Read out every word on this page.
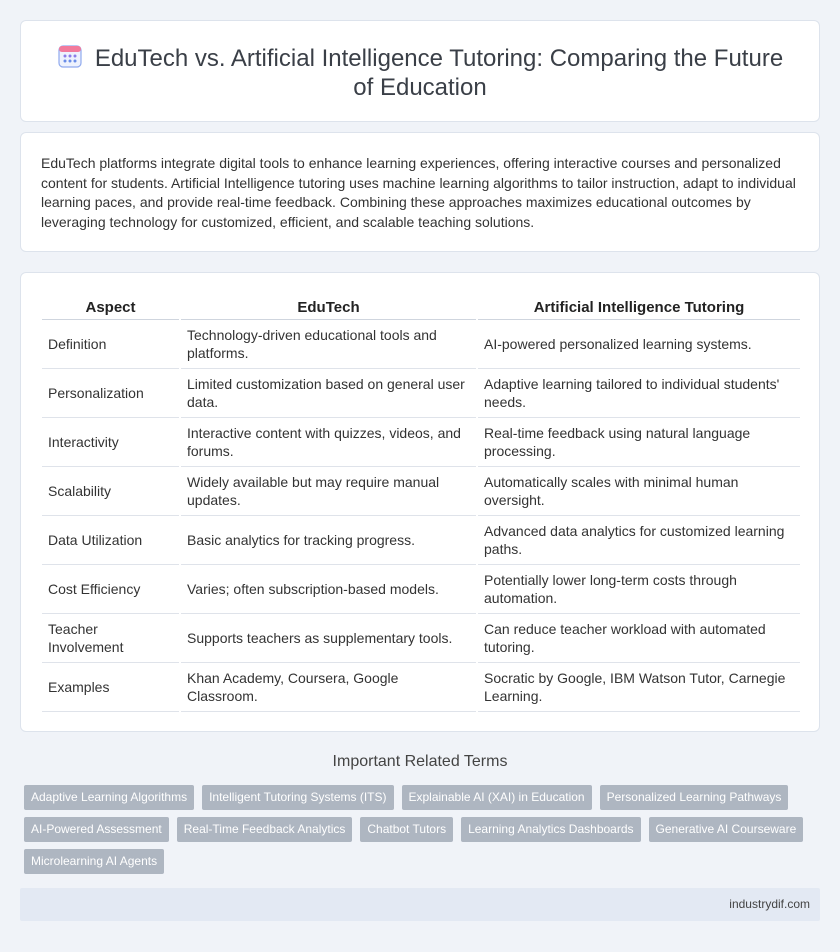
EduTech vs. Artificial Intelligence Tutoring: Comparing the Future of Education

EduTech platforms integrate digital tools to enhance learning experiences, offering interactive courses and personalized content for students. Artificial Intelligence tutoring uses machine learning algorithms to tailor instruction, adapt to individual learning paces, and provide real-time feedback. Combining these approaches maximizes educational outcomes by leveraging technology for customized, efficient, and scalable teaching solutions.

Aspect	EduTech	Artificial Intelligence Tutoring
Definition	Technology-driven educational tools and platforms.	AI-powered personalized learning systems.
Personalization	Limited customization based on general user data.	Adaptive learning tailored to individual students' needs.
Interactivity	Interactive content with quizzes, videos, and forums.	Real-time feedback using natural language processing.
Scalability	Widely available but may require manual updates.	Automatically scales with minimal human oversight.
Data Utilization	Basic analytics for tracking progress.	Advanced data analytics for customized learning paths.
Cost Efficiency	Varies; often subscription-based models.	Potentially lower long-term costs through automation.
Teacher Involvement	Supports teachers as supplementary tools.	Can reduce teacher workload with automated tutoring.
Examples	Khan Academy, Coursera, Google Classroom.	Socratic by Google, IBM Watson Tutor, Carnegie Learning.
Important Related Terms
Adaptive Learning Algorithms	Intelligent Tutoring Systems (ITS)	Explainable AI (XAI) in Education	Personalized Learning Pathways
AI-Powered Assessment	Real-Time Feedback Analytics	Chatbot Tutors	Learning Analytics Dashboards	Generative AI Courseware
Microlearning AI Agents
industrydif.com
